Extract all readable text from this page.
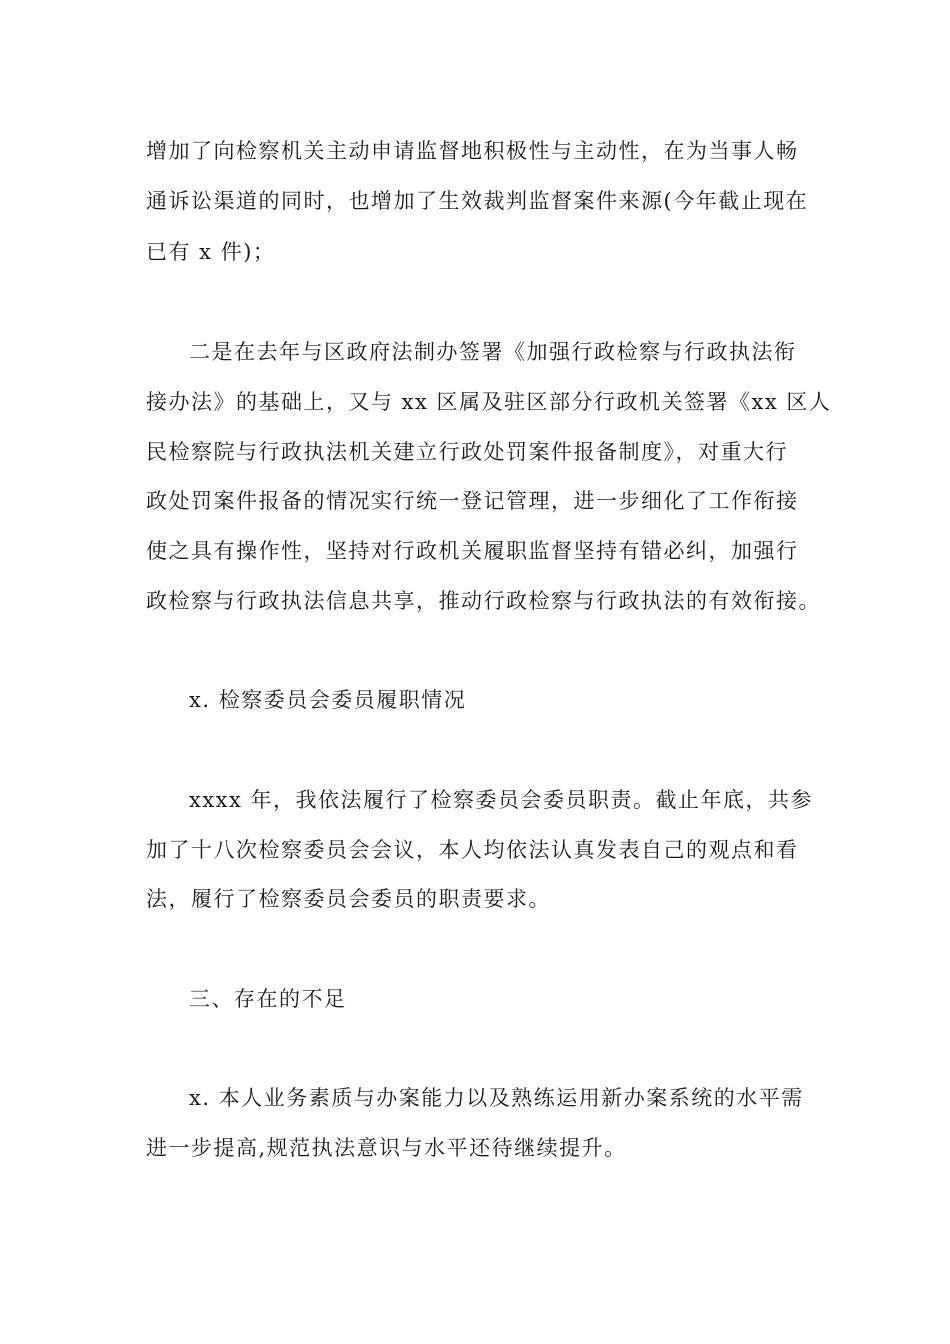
增加了向检察机关主动申请监督地积极性与主动性，在为当事人畅
通诉讼渠道的同时，也增加了生效裁判监督案件来源(今年截止现在
已有 x 件)；
二是在去年与区政府法制办签署《加强行政检察与行政执法衔
接办法》的基础上，又与 xx 区属及驻区部分行政机关签署《xx 区人
民检察院与行政执法机关建立行政处罚案件报备制度》，对重大行
政处罚案件报备的情况实行统一登记管理，进一步细化了工作衔接
使之具有操作性，坚持对行政机关履职监督坚持有错必纠，加强行
政检察与行政执法信息共享，推动行政检察与行政执法的有效衔接。
x. 检察委员会委员履职情况
xxxx 年，我依法履行了检察委员会委员职责。截止年底，共参
加了十八次检察委员会会议，本人均依法认真发表自己的观点和看
法，履行了检察委员会委员的职责要求。
三、存在的不足
x. 本人业务素质与办案能力以及熟练运用新办案系统的水平需
进一步提高,规范执法意识与水平还待继续提升。
